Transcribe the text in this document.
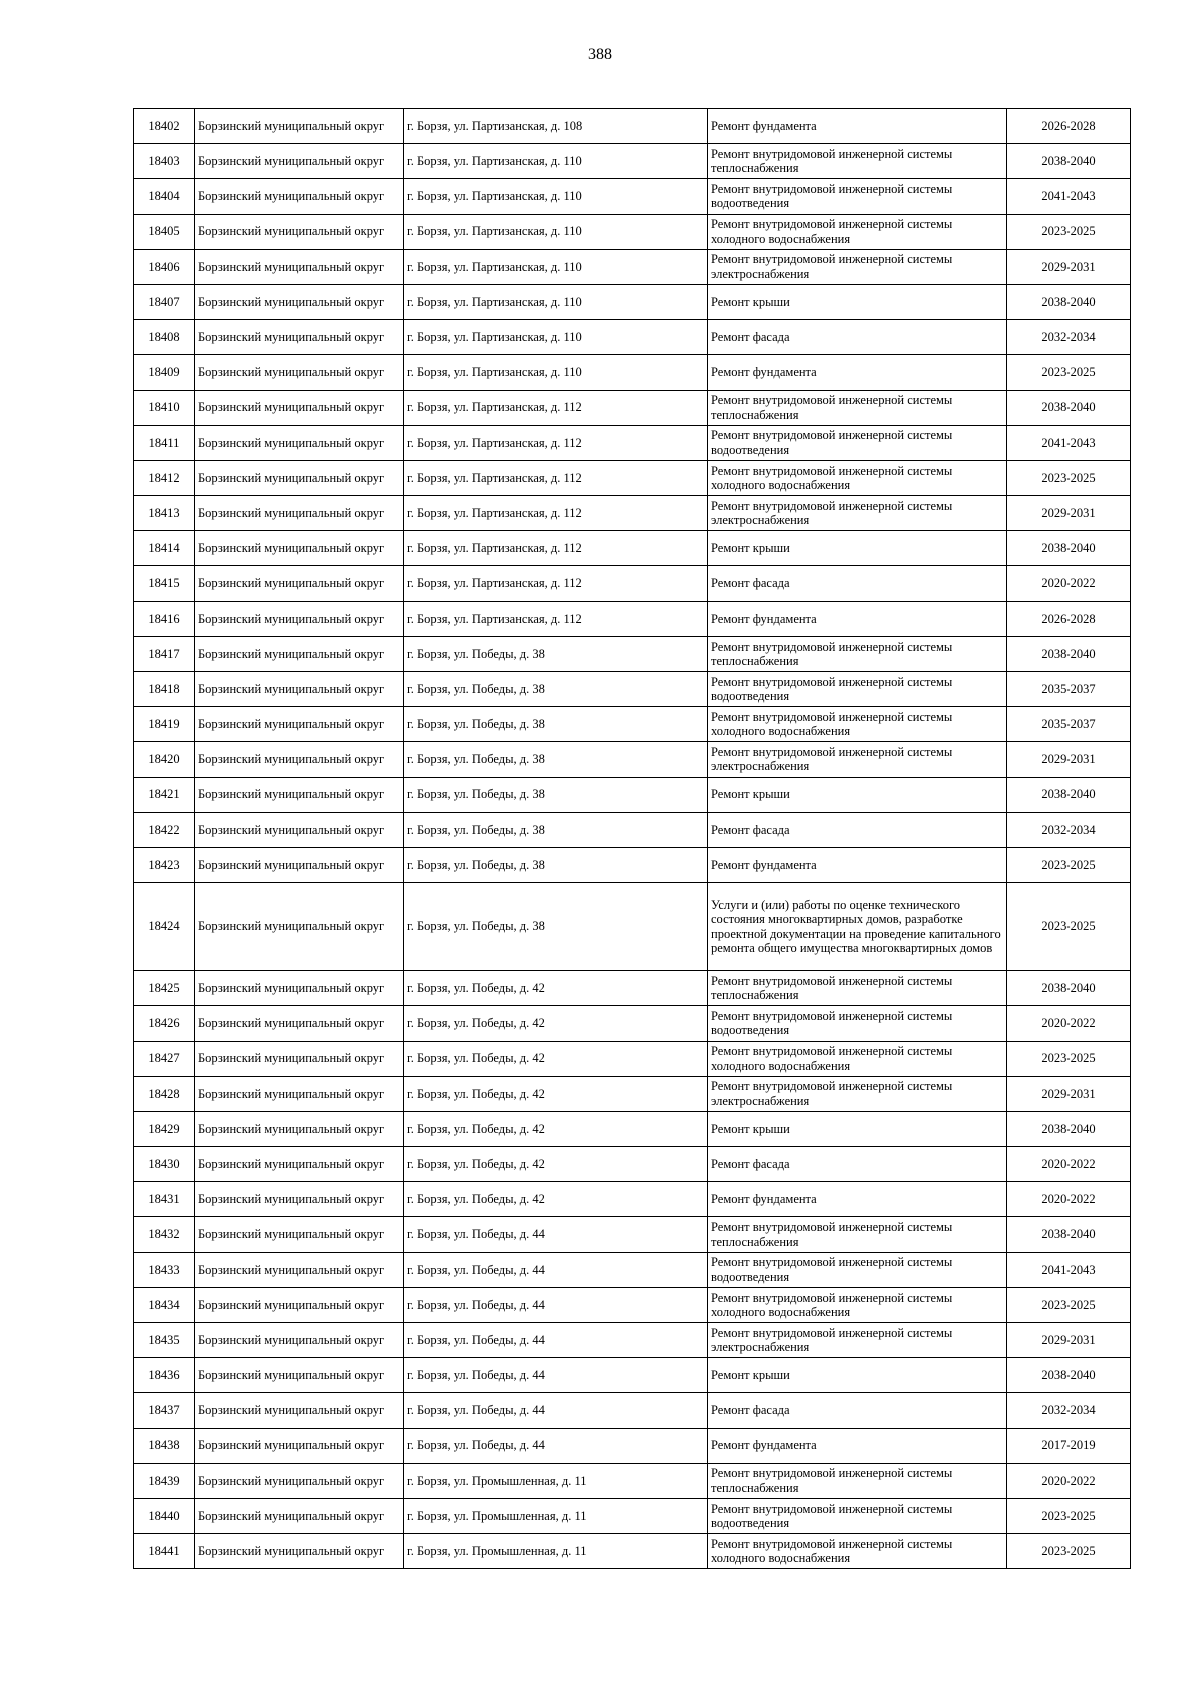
388
18402	Борзинский муниципальный округ	г. Борзя, ул. Партизанская, д. 108	Ремонт фундамента	2026-2028
18403	Борзинский муниципальный округ	г. Борзя, ул. Партизанская, д. 110	Ремонт внутридомовой инженерной системы теплоснабжения	2038-2040
18404	Борзинский муниципальный округ	г. Борзя, ул. Партизанская, д. 110	Ремонт внутридомовой инженерной системы водоотведения	2041-2043
18405	Борзинский муниципальный округ	г. Борзя, ул. Партизанская, д. 110	Ремонт внутридомовой инженерной системы холодного водоснабжения	2023-2025
18406	Борзинский муниципальный округ	г. Борзя, ул. Партизанская, д. 110	Ремонт внутридомовой инженерной системы электроснабжения	2029-2031
18407	Борзинский муниципальный округ	г. Борзя, ул. Партизанская, д. 110	Ремонт крыши	2038-2040
18408	Борзинский муниципальный округ	г. Борзя, ул. Партизанская, д. 110	Ремонт фасада	2032-2034
18409	Борзинский муниципальный округ	г. Борзя, ул. Партизанская, д. 110	Ремонт фундамента	2023-2025
18410	Борзинский муниципальный округ	г. Борзя, ул. Партизанская, д. 112	Ремонт внутридомовой инженерной системы теплоснабжения	2038-2040
18411	Борзинский муниципальный округ	г. Борзя, ул. Партизанская, д. 112	Ремонт внутридомовой инженерной системы водоотведения	2041-2043
18412	Борзинский муниципальный округ	г. Борзя, ул. Партизанская, д. 112	Ремонт внутридомовой инженерной системы холодного водоснабжения	2023-2025
18413	Борзинский муниципальный округ	г. Борзя, ул. Партизанская, д. 112	Ремонт внутридомовой инженерной системы электроснабжения	2029-2031
18414	Борзинский муниципальный округ	г. Борзя, ул. Партизанская, д. 112	Ремонт крыши	2038-2040
18415	Борзинский муниципальный округ	г. Борзя, ул. Партизанская, д. 112	Ремонт фасада	2020-2022
18416	Борзинский муниципальный округ	г. Борзя, ул. Партизанская, д. 112	Ремонт фундамента	2026-2028
18417	Борзинский муниципальный округ	г. Борзя, ул. Победы, д. 38	Ремонт внутридомовой инженерной системы теплоснабжения	2038-2040
18418	Борзинский муниципальный округ	г. Борзя, ул. Победы, д. 38	Ремонт внутридомовой инженерной системы водоотведения	2035-2037
18419	Борзинский муниципальный округ	г. Борзя, ул. Победы, д. 38	Ремонт внутридомовой инженерной системы холодного водоснабжения	2035-2037
18420	Борзинский муниципальный округ	г. Борзя, ул. Победы, д. 38	Ремонт внутридомовой инженерной системы электроснабжения	2029-2031
18421	Борзинский муниципальный округ	г. Борзя, ул. Победы, д. 38	Ремонт крыши	2038-2040
18422	Борзинский муниципальный округ	г. Борзя, ул. Победы, д. 38	Ремонт фасада	2032-2034
18423	Борзинский муниципальный округ	г. Борзя, ул. Победы, д. 38	Ремонт фундамента	2023-2025
18424	Борзинский муниципальный округ	г. Борзя, ул. Победы, д. 38	Услуги и (или) работы по оценке технического состояния многоквартирных домов, разработке проектной документации на проведение капитального ремонта общего имущества многоквартирных домов	2023-2025
18425	Борзинский муниципальный округ	г. Борзя, ул. Победы, д. 42	Ремонт внутридомовой инженерной системы теплоснабжения	2038-2040
18426	Борзинский муниципальный округ	г. Борзя, ул. Победы, д. 42	Ремонт внутридомовой инженерной системы водоотведения	2020-2022
18427	Борзинский муниципальный округ	г. Борзя, ул. Победы, д. 42	Ремонт внутридомовой инженерной системы холодного водоснабжения	2023-2025
18428	Борзинский муниципальный округ	г. Борзя, ул. Победы, д. 42	Ремонт внутридомовой инженерной системы электроснабжения	2029-2031
18429	Борзинский муниципальный округ	г. Борзя, ул. Победы, д. 42	Ремонт крыши	2038-2040
18430	Борзинский муниципальный округ	г. Борзя, ул. Победы, д. 42	Ремонт фасада	2020-2022
18431	Борзинский муниципальный округ	г. Борзя, ул. Победы, д. 42	Ремонт фундамента	2020-2022
18432	Борзинский муниципальный округ	г. Борзя, ул. Победы, д. 44	Ремонт внутридомовой инженерной системы теплоснабжения	2038-2040
18433	Борзинский муниципальный округ	г. Борзя, ул. Победы, д. 44	Ремонт внутридомовой инженерной системы водоотведения	2041-2043
18434	Борзинский муниципальный округ	г. Борзя, ул. Победы, д. 44	Ремонт внутридомовой инженерной системы холодного водоснабжения	2023-2025
18435	Борзинский муниципальный округ	г. Борзя, ул. Победы, д. 44	Ремонт внутридомовой инженерной системы электроснабжения	2029-2031
18436	Борзинский муниципальный округ	г. Борзя, ул. Победы, д. 44	Ремонт крыши	2038-2040
18437	Борзинский муниципальный округ	г. Борзя, ул. Победы, д. 44	Ремонт фасада	2032-2034
18438	Борзинский муниципальный округ	г. Борзя, ул. Победы, д. 44	Ремонт фундамента	2017-2019
18439	Борзинский муниципальный округ	г. Борзя, ул. Промышленная, д. 11	Ремонт внутридомовой инженерной системы теплоснабжения	2020-2022
18440	Борзинский муниципальный округ	г. Борзя, ул. Промышленная, д. 11	Ремонт внутридомовой инженерной системы водоотведения	2023-2025
18441	Борзинский муниципальный округ	г. Борзя, ул. Промышленная, д. 11	Ремонт внутридомовой инженерной системы холодного водоснабжения	2023-2025
